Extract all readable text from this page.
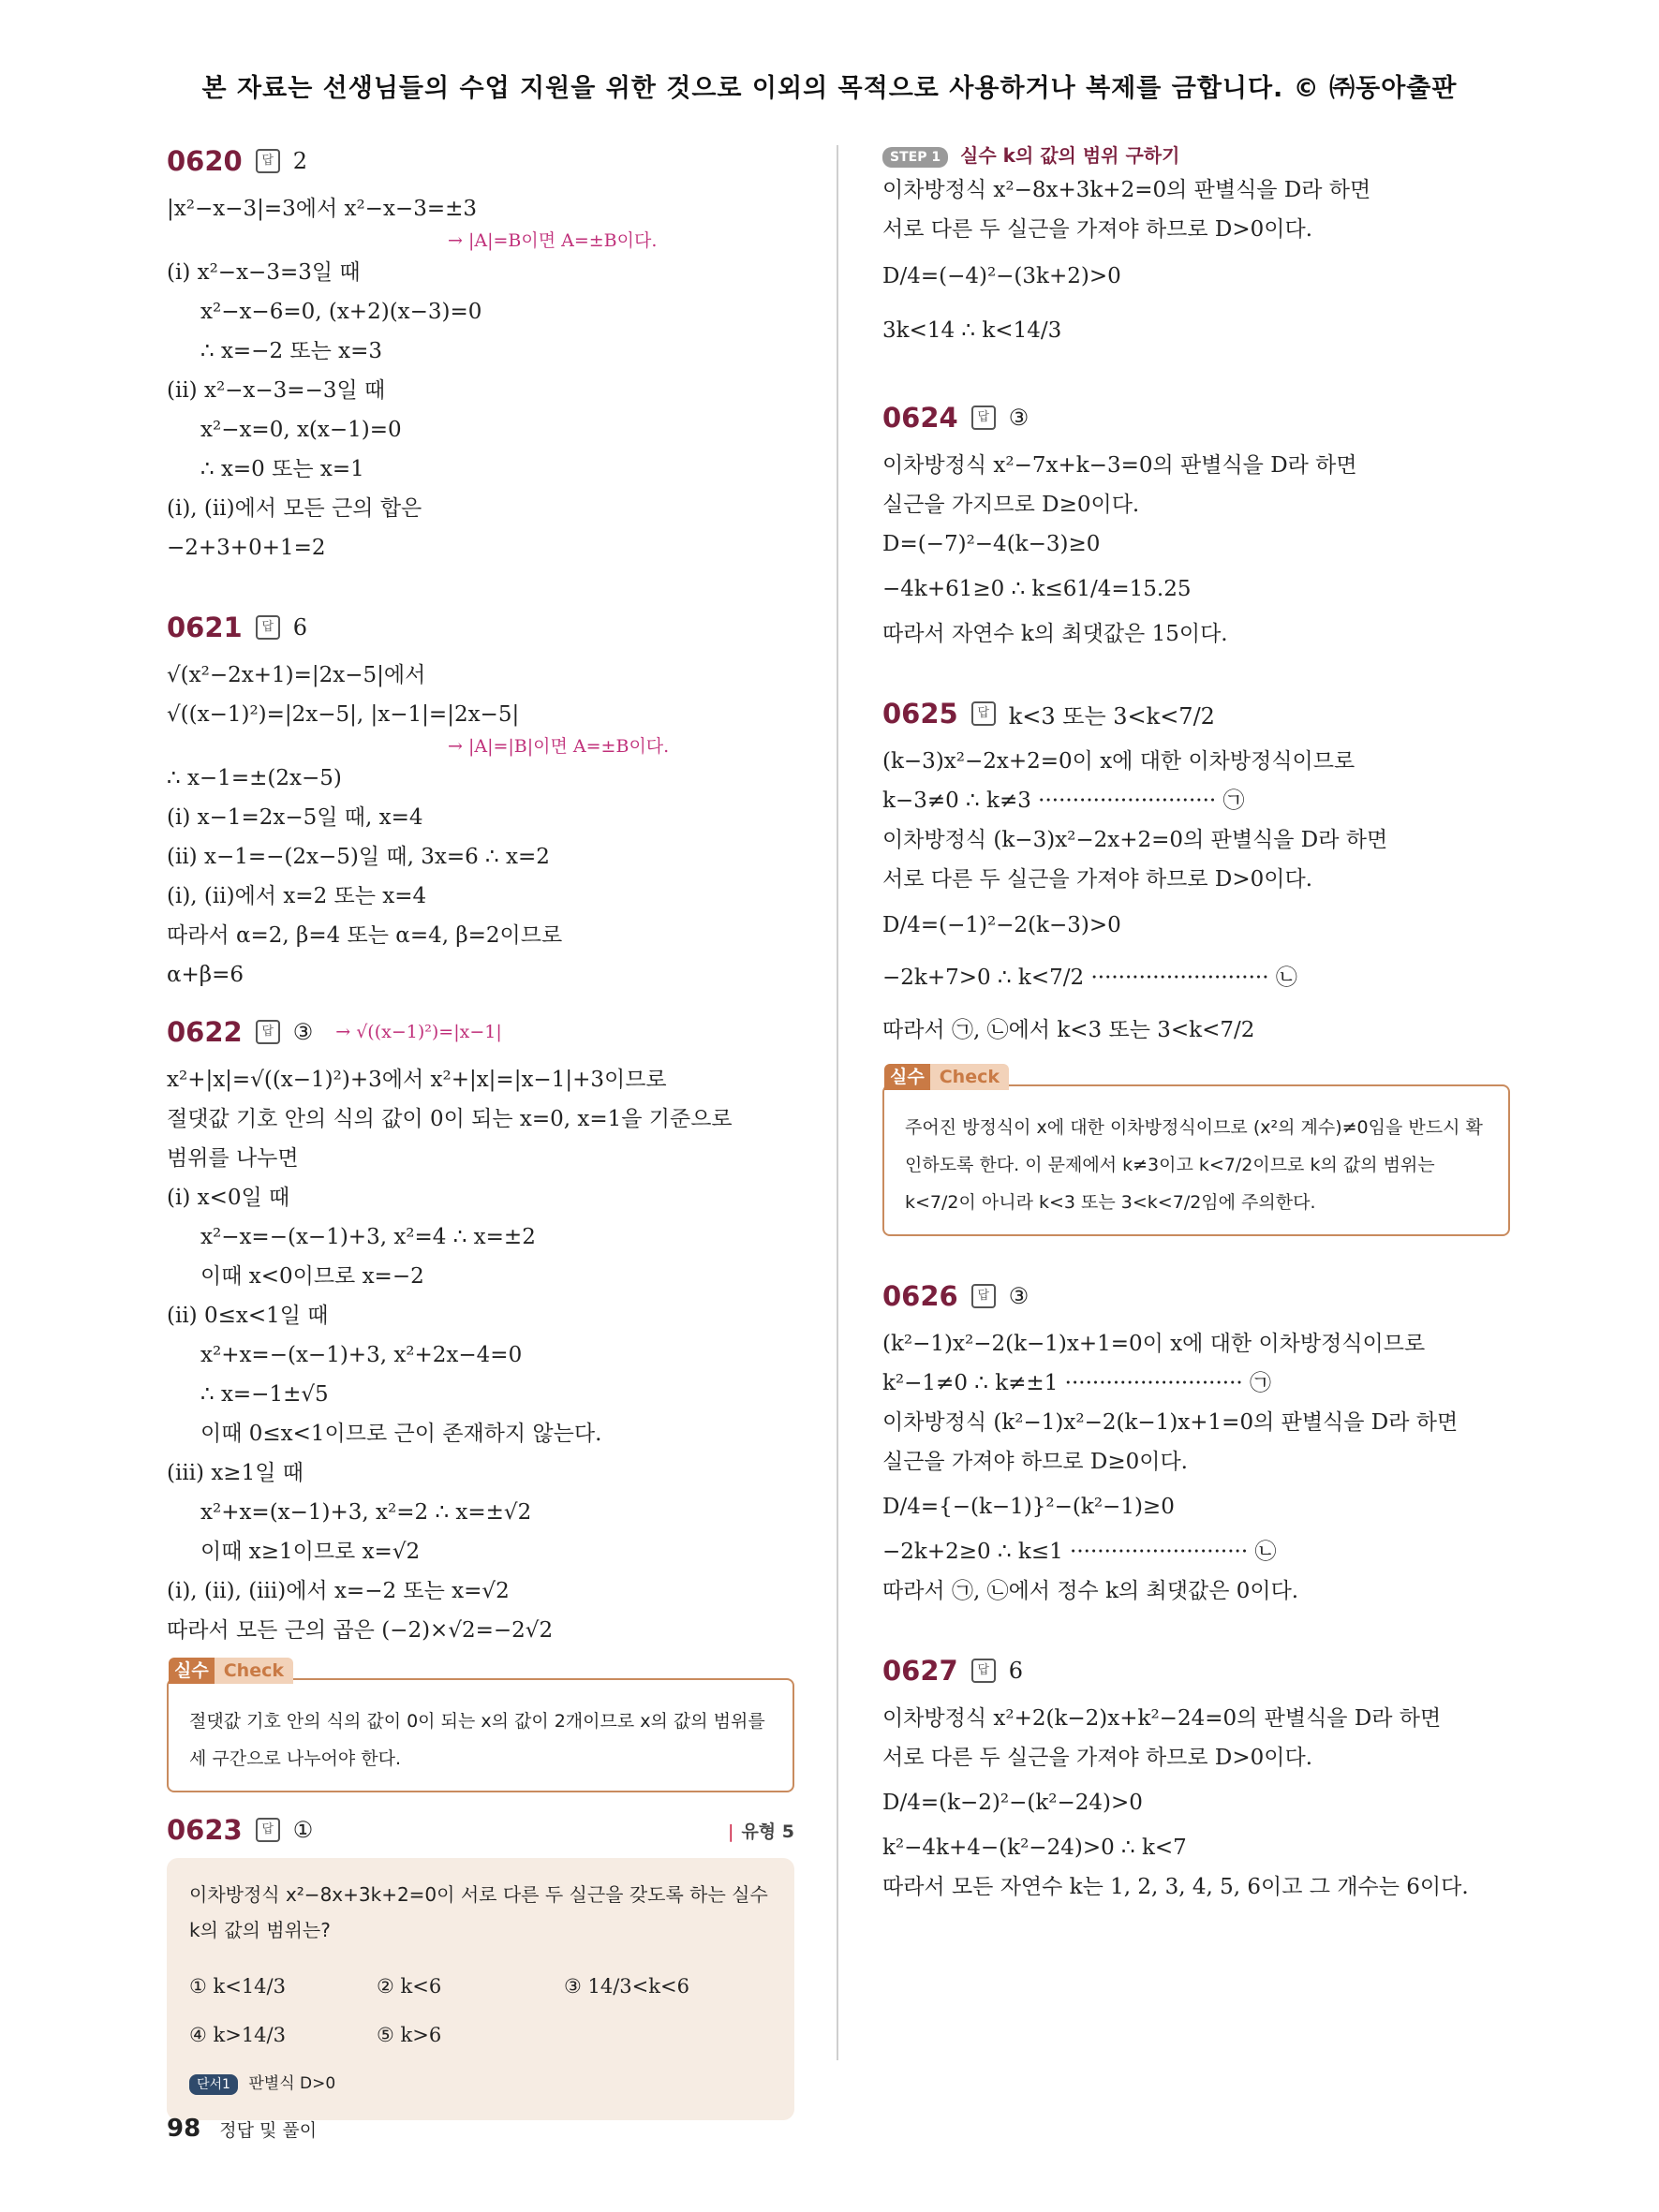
본 자료는 선생님들의 수업 지원을 위한 것으로 이외의 목적으로 사용하거나 복제를 금합니다. © ㈜동아출판
0620	답 2
|x²−x−3|=3에서 x²−x−3=±3
→ |A|=B이면 A=±B이다.
(ⅰ) x²−x−3=3일 때
x²−x−6=0, (x+2)(x−3)=0
∴ x=−2 또는 x=3
(ⅱ) x²−x−3=−3일 때
x²−x=0, x(x−1)=0
∴ x=0 또는 x=1
(ⅰ), (ⅱ)에서 모든 근의 합은
−2+3+0+1=2
0621	답 6
√(x²−2x+1)=|2x−5|에서
√((x−1)²)=|2x−5|, |x−1|=|2x−5|
→ |A|=|B|이면 A=±B이다.
∴ x−1=±(2x−5)
(ⅰ) x−1=2x−5일 때, x=4
(ⅱ) x−1=−(2x−5)일 때, 3x=6 ∴ x=2
(ⅰ), (ⅱ)에서 x=2 또는 x=4
따라서 α=2, β=4 또는 α=4, β=2이므로
α+β=6
0622	답 ③	→ √((x−1)²)=|x−1|
x²+|x|=√((x−1)²)+3에서 x²+|x|=|x−1|+3이므로
절댓값 기호 안의 식의 값이 0이 되는 x=0, x=1을 기준으로
범위를 나누면
(ⅰ) x<0일 때
x²−x=−(x−1)+3, x²=4 ∴ x=±2
이때 x<0이므로 x=−2
(ⅱ) 0≤x<1일 때
x²+x=−(x−1)+3, x²+2x−4=0
∴ x=−1±√5
이때 0≤x<1이므로 근이 존재하지 않는다.
(ⅲ) x≥1일 때
x²+x=(x−1)+3, x²=2 ∴ x=±√2
이때 x≥1이므로 x=√2
(ⅰ), (ⅱ), (ⅲ)에서 x=−2 또는 x=√2
따라서 모든 근의 곱은 (−2)×√2=−2√2
실수 Check
절댓값 기호 안의 식의 값이 0이 되는 x의 값이 2개이므로 x의 값의 범위를 세 구간으로 나누어야 한다.
0623	답 ①
|	유형 5
이차방정식 x²−8x+3k+2=0이 서로 다른 두 실근을 갖도록 하는 실수 k의 값의 범위는?
① k<14/3	② k<6	③ 14/3<k<6
④ k>14/3	⑤ k>6
단서1 판별식 D>0
STEP 1 실수 k의 값의 범위 구하기
이차방정식 x²−8x+3k+2=0의 판별식을 D라 하면
서로 다른 두 실근을 가져야 하므로 D>0이다.
D/4=(−4)²−(3k+2)>0
3k<14 ∴ k<14/3
0624	답 ③
이차방정식 x²−7x+k−3=0의 판별식을 D라 하면
실근을 가지므로 D≥0이다.
D=(−7)²−4(k−3)≥0
−4k+61≥0 ∴ k≤61/4=15.25
따라서 자연수 k의 최댓값은 15이다.
0625	답 k<3 또는 3<k<7/2
(k−3)x²−2x+2=0이 x에 대한 이차방정식이므로
k−3≠0 ∴ k≠3 ·························· ㉠
이차방정식 (k−3)x²−2x+2=0의 판별식을 D라 하면
서로 다른 두 실근을 가져야 하므로 D>0이다.
D/4=(−1)²−2(k−3)>0
−2k+7>0 ∴ k<7/2 ·························· ㉡
따라서 ㉠, ㉡에서 k<3 또는 3<k<7/2
실수 Check
주어진 방정식이 x에 대한 이차방정식이므로 (x²의 계수)≠0임을 반드시 확인하도록 한다. 이 문제에서 k≠3이고 k<7/2이므로 k의 값의 범위는 k<7/2이 아니라 k<3 또는 3<k<7/2임에 주의한다.
0626	답 ③
(k²−1)x²−2(k−1)x+1=0이 x에 대한 이차방정식이므로
k²−1≠0 ∴ k≠±1 ·························· ㉠
이차방정식 (k²−1)x²−2(k−1)x+1=0의 판별식을 D라 하면
실근을 가져야 하므로 D≥0이다.
D/4={−(k−1)}²−(k²−1)≥0
−2k+2≥0 ∴ k≤1 ·························· ㉡
따라서 ㉠, ㉡에서 정수 k의 최댓값은 0이다.
0627	답 6
이차방정식 x²+2(k−2)x+k²−24=0의 판별식을 D라 하면
서로 다른 두 실근을 가져야 하므로 D>0이다.
D/4=(k−2)²−(k²−24)>0
k²−4k+4−(k²−24)>0 ∴ k<7
따라서 모든 자연수 k는 1, 2, 3, 4, 5, 6이고 그 개수는 6이다.
98 정답 및 풀이
